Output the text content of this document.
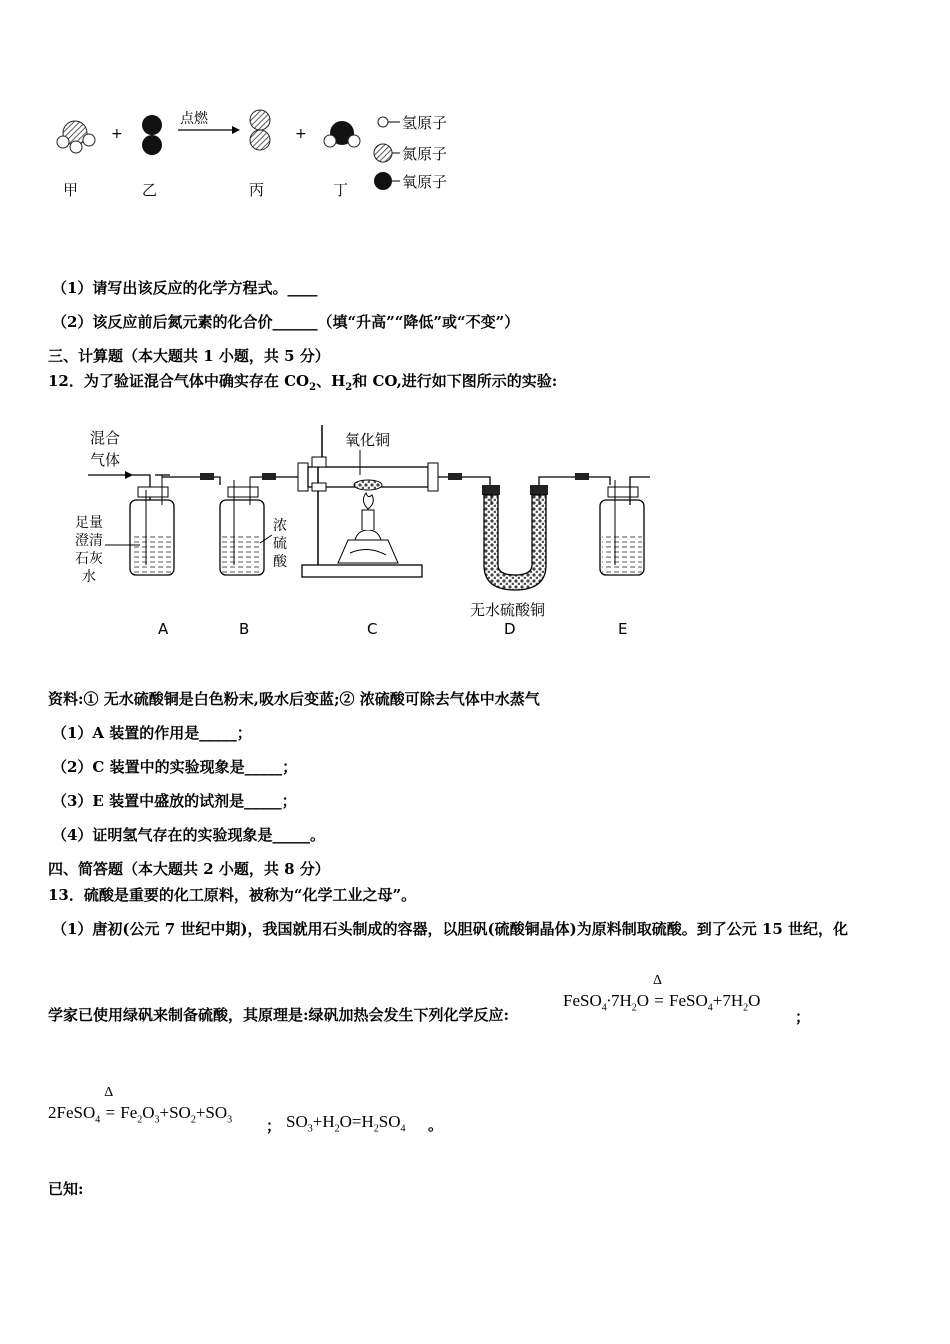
+
点燃
+
甲	乙	丙	丁
氢原子
氮原子
氧原子
（1）请写出该反应的化学方程式。____
（2）该反应前后氮元素的化合价______（填“升高”“降低”或“不变”）
三、计算题（本大题共 1 小题，共 5 分）
12．为了验证混合气体中确实存在 $CO_2$、$H_2$和 CO,进行如下图所示的实验:
混合
气体
足量
澄清
石灰
水
浓
硫
酸
氧化铜
无水硫酸铜
A	B	C	D	E
资料:① 无水硫酸铜是白色粉末,吸水后变蓝;② 浓硫酸可除去气体中水蒸气
（1）A 装置的作用是_____；
（2）C 装置中的实验现象是_____；
（3）E 装置中盛放的试剂是_____；
（4）证明氢气存在的实验现象是_____。
四、简答题（本大题共 2 小题，共 8 分）
13．硫酸是重要的化工原料，被称为“化学工业之母”。
（1）唐初(公元 7 世纪中期)，我国就用石头制成的容器，以胆矾(硫酸铜晶体)为原料制取硫酸。到了公元 15 世纪，化
学家已使用绿矾来制备硫酸，其原理是:绿矾加热会发生下列化学反应:
$FeSO_4\cdot 7H_2O$ =
Δ
$FeSO_4+7H_2O$
；
2FeSO$_4$ =
Δ
$Fe_2O_3+SO_2+SO_3$ ； $SO_3+H_2O=H_2SO_4$ 。
已知:
